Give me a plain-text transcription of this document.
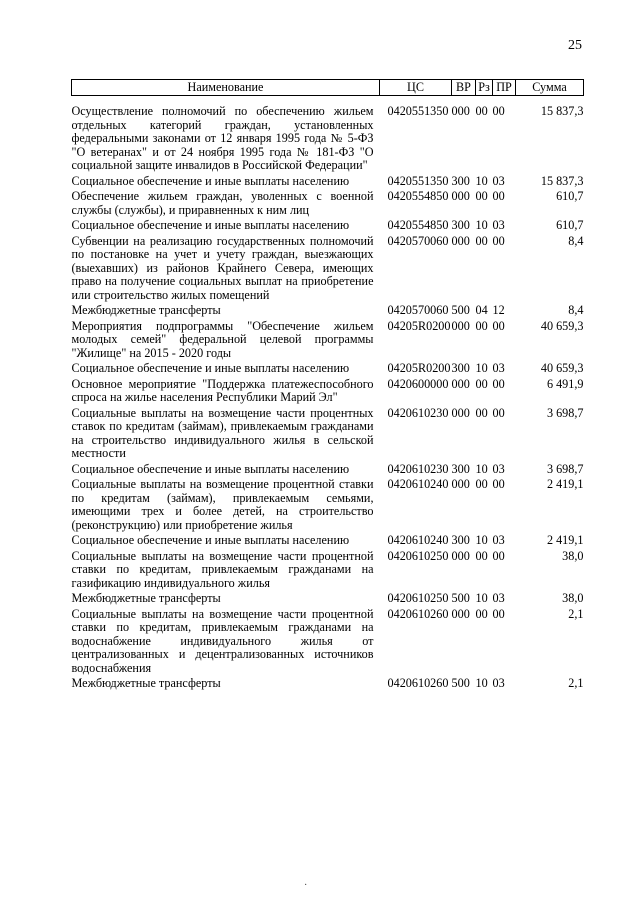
25
Наименование	ЦС	ВР	Рз	ПР	Сумма

Осуществление полномочий по обеспечению жильем отдельных категорий граждан, установленных федеральными законами от 12 января 1995 года № 5-ФЗ "О ветеранах" и от 24 ноября 1995 года № 181-ФЗ "О социальной защите инвалидов в Российской Федерации"	0420551350	000	00	00	15 837,3
Социальное обеспечение и иные выплаты населению	0420551350	300	10	03	15 837,3
Обеспечение жильем граждан, уволенных с военной службы (службы), и приравненных к ним лиц	0420554850	000	00	00	610,7
Социальное обеспечение и иные выплаты населению	0420554850	300	10	03	610,7
Субвенции на реализацию государственных полномочий по постановке на учет и учету граждан, выезжающих (выехавших) из районов Крайнего Севера, имеющих право на получение социальных выплат на приобретение или строительство жилых помещений	0420570060	000	00	00	8,4
Межбюджетные трансферты	0420570060	500	04	12	8,4
Мероприятия подпрограммы "Обеспечение жильем молодых семей" федеральной целевой программы "Жилище" на 2015 - 2020 годы	04205R0200	000	00	00	40 659,3
Социальное обеспечение и иные выплаты населению	04205R0200	300	10	03	40 659,3
Основное мероприятие "Поддержка платежеспособного спроса на жилье населения Республики Марий Эл"	0420600000	000	00	00	6 491,9
Социальные выплаты на возмещение части процентных ставок по кредитам (займам), привлекаемым гражданами на строительство индивидуального жилья в сельской местности	0420610230	000	00	00	3 698,7
Социальное обеспечение и иные выплаты населению	0420610230	300	10	03	3 698,7
Социальные выплаты на возмещение процентной ставки по кредитам (займам), привлекаемым семьями, имеющими трех и более детей, на строительство (реконструкцию) или приобретение жилья	0420610240	000	00	00	2 419,1
Социальное обеспечение и иные выплаты населению	0420610240	300	10	03	2 419,1
Социальные выплаты на возмещение части процентной ставки по кредитам, привлекаемым гражданами на газификацию индивидуального жилья	0420610250	000	00	00	38,0
Межбюджетные трансферты	0420610250	500	10	03	38,0
Социальные выплаты на возмещение части процентной ставки по кредитам, привлекаемым гражданами на водоснабжение индивидуального жилья от централизованных и децентрализованных источников водоснабжения	0420610260	000	00	00	2,1
Межбюджетные трансферты	0420610260	500	10	03	2,1
·
